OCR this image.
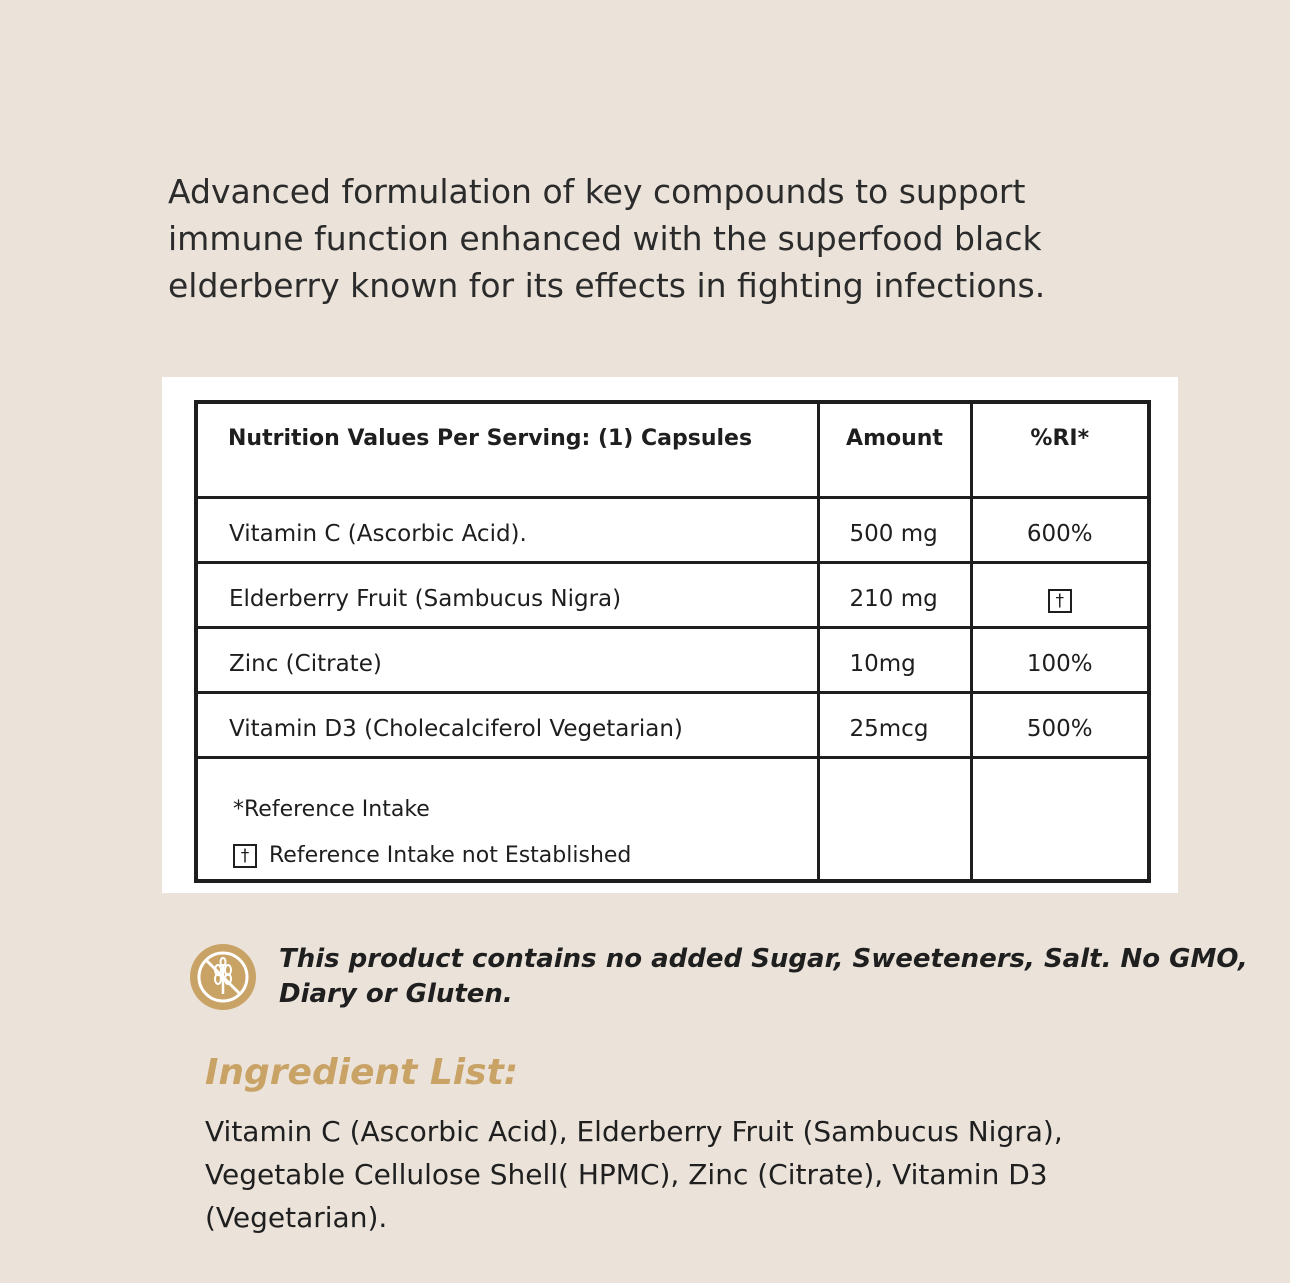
Advanced formulation of key compounds to support immune function enhanced with the superfood black elderberry known for its effects in fighting infections.

Nutrition Values Per Serving: (1) Capsules	Amount	%RI*
Vitamin C (Ascorbic Acid).	500 mg	600%
Elderberry Fruit (Sambucus Nigra)	210 mg	†
Zinc (Citrate)	10mg	100%
Vitamin D3 (Cholecalciferol Vegetarian)	25mcg	500%

*Reference Intake
† Reference Intake not Established		

This product contains no added Sugar, Sweeteners, Salt. No GMO, Diary or Gluten.
Ingredient List:

Vitamin C (Ascorbic Acid), Elderberry Fruit (Sambucus Nigra), Vegetable Cellulose Shell( HPMC), Zinc (Citrate), Vitamin D3 (Vegetarian).
